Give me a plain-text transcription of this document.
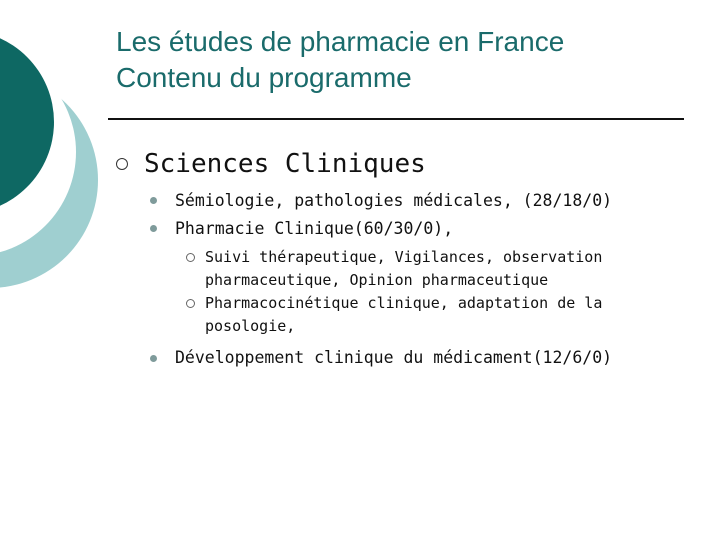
Les études de pharmacie en France
Contenu du programme
Sciences Cliniques
Sémiologie, pathologies médicales, (28/18/0)
Pharmacie Clinique(60/30/0),
Suivi thérapeutique, Vigilances, observation
pharmaceutique, Opinion pharmaceutique
Pharmacocinétique clinique, adaptation de la
posologie,
Développement clinique du médicament(12/6/0)
